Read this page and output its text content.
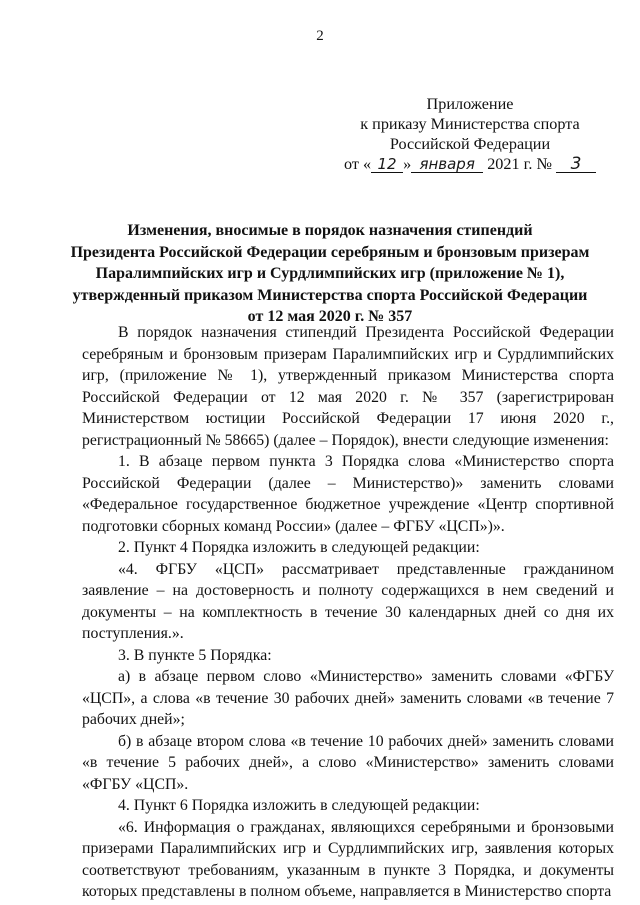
2
Приложение
к приказу Министерства спорта
Российской Федерации
от « 12 » января 2021 г. № 3
Изменения, вносимые в порядок назначения стипендий
Президента Российской Федерации серебряным и бронзовым призерам
Паралимпийских игр и Сурдлимпийских игр (приложение № 1),
утвержденный приказом Министерства спорта Российской Федерации
от 12 мая 2020 г. № 357

В порядок назначения стипендий Президента Российской Федерации серебряным и бронзовым призерам Паралимпийских игр и Сурдлимпийских игр, (приложение № 1), утвержденный приказом Министерства спорта Российской Федерации от 12 мая 2020 г. № 357 (зарегистрирован Министерством юстиции Российской Федерации 17 июня 2020 г., регистрационный № 58665) (далее – Порядок), внести следующие изменения:

1. В абзаце первом пункта 3 Порядка слова «Министерство спорта Российской Федерации (далее – Министерство)» заменить словами «Федеральное государственное бюджетное учреждение «Центр спортивной подготовки сборных команд России» (далее – ФГБУ «ЦСП»)».

2. Пункт 4 Порядка изложить в следующей редакции:

«4. ФГБУ «ЦСП» рассматривает представленные гражданином заявление – на достоверность и полноту содержащихся в нем сведений и документы – на комплектность в течение 30 календарных дней со дня их поступления.».

3. В пункте 5 Порядка:

а) в абзаце первом слово «Министерство» заменить словами «ФГБУ «ЦСП», а слова «в течение 30 рабочих дней» заменить словами «в течение 7 рабочих дней»;

б) в абзаце втором слова «в течение 10 рабочих дней» заменить словами «в течение 5 рабочих дней», а слово «Министерство» заменить словами «ФГБУ «ЦСП».

4. Пункт 6 Порядка изложить в следующей редакции:

«6. Информация о гражданах, являющихся серебряными и бронзовыми призерами Паралимпийских игр и Сурдлимпийских игр, заявления которых соответствуют требованиям, указанным в пункте 3 Порядка, и документы которых представлены в полном объеме, направляется в Министерство спорта
